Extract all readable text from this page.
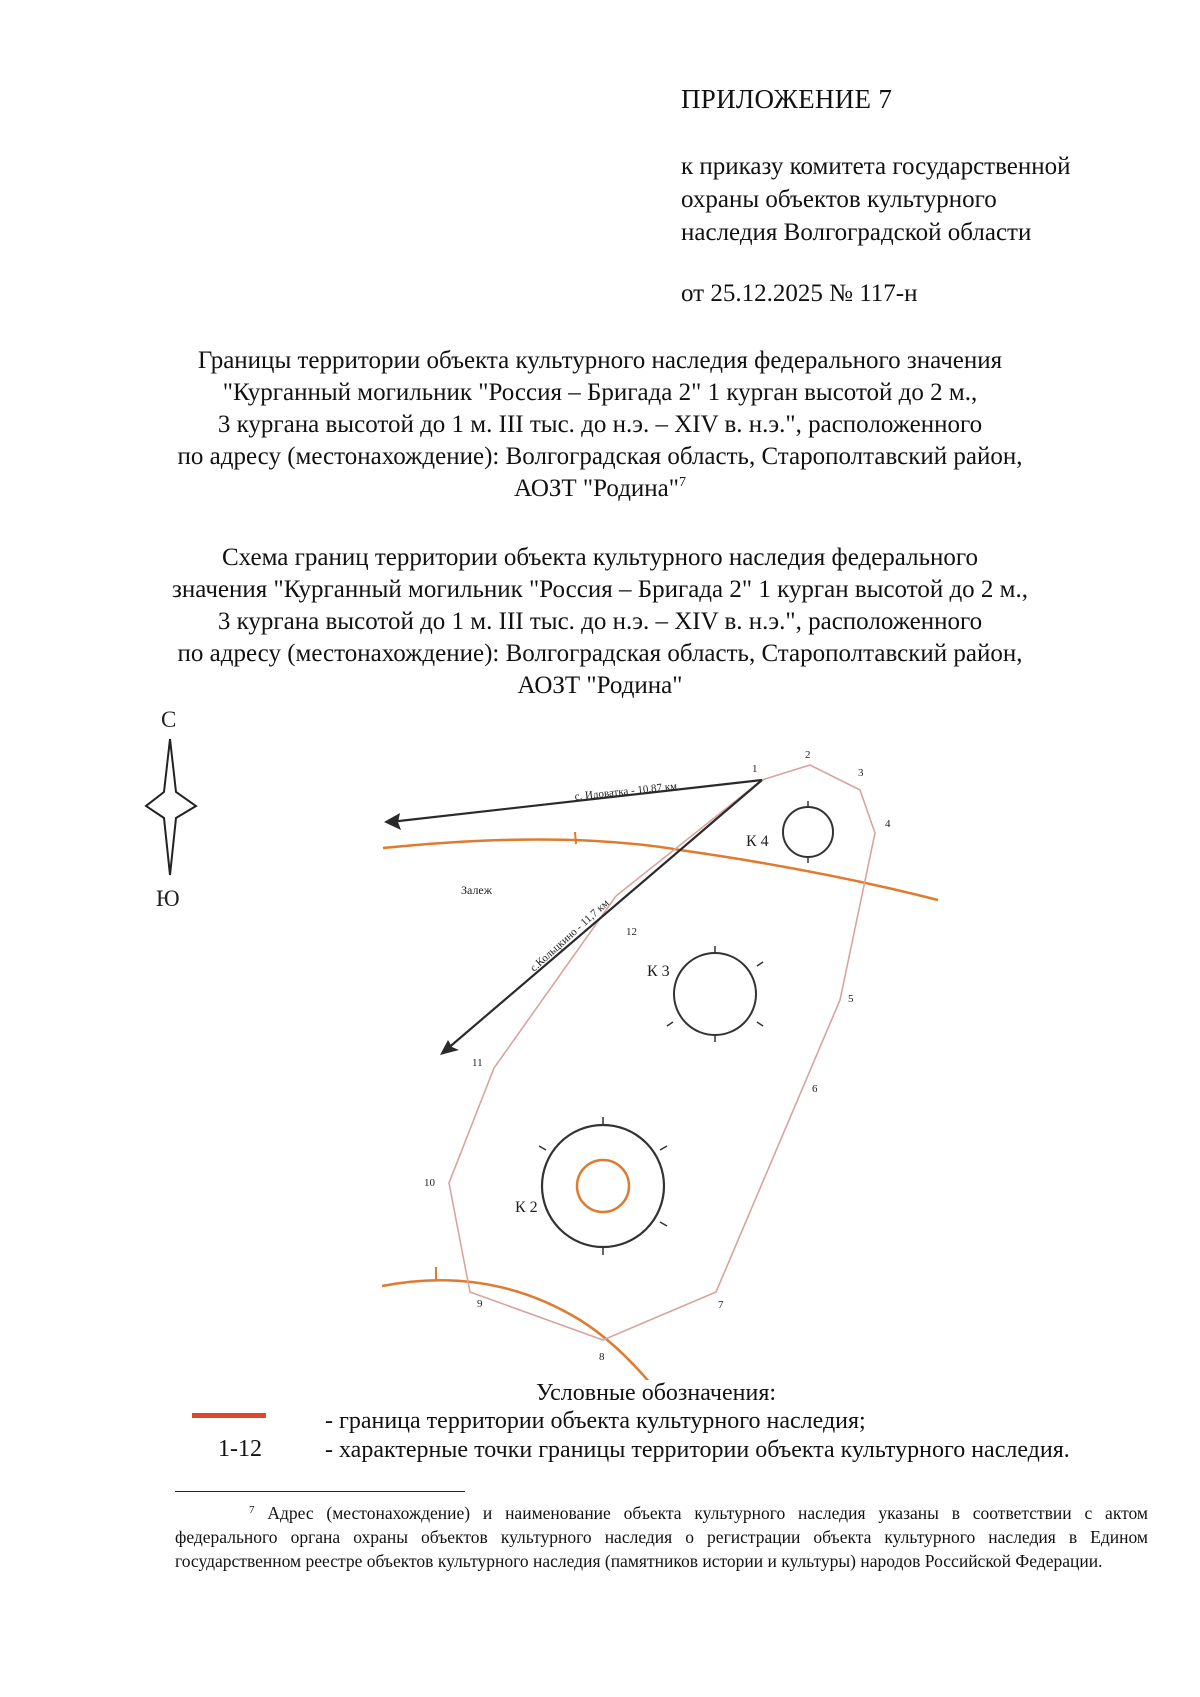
ПРИЛОЖЕНИЕ 7
к приказу комитета государственной
охраны объектов культурного
наследия Волгоградской области
от 25.12.2025 № 117-н
Границы территории объекта культурного наследия федерального значения
"Курганный могильник "Россия – Бригада 2" 1 курган высотой до 2 м.,
3 кургана высотой до 1 м. III тыс. до н.э. – XIV в. н.э.", расположенного
по адресу (местонахождение): Волгоградская область, Старополтавский район,
АОЗТ "Родина"$^7$
Схема границ территории объекта культурного наследия федерального
значения "Курганный могильник "Россия – Бригада 2" 1 курган высотой до 2 м.,
3 кургана высотой до 1 м. III тыс. до н.э. – XIV в. н.э.", расположенного
по адресу (местонахождение): Волгоградская область, Старополтавский район,
АОЗТ "Родина"
С
Ю
с. Идоватка - 10,87 км
с.Кольцкино - 11,7 км
Залеж
К 4
К 3
К 2
1
2
3
4
5
6
7
8
9
10
11
12
Условные обозначения:
- граница территории объекта культурного наследия;
1-12	- характерные точки границы территории объекта культурного наследия.
$^7$ Адрес (местонахождение) и наименование объекта культурного наследия указаны в соответствии с актом федерального органа охраны объектов культурного наследия о регистрации объекта культурного наследия в Едином государственном реестре объектов культурного наследия (памятников истории и культуры) народов Российской Федерации.
